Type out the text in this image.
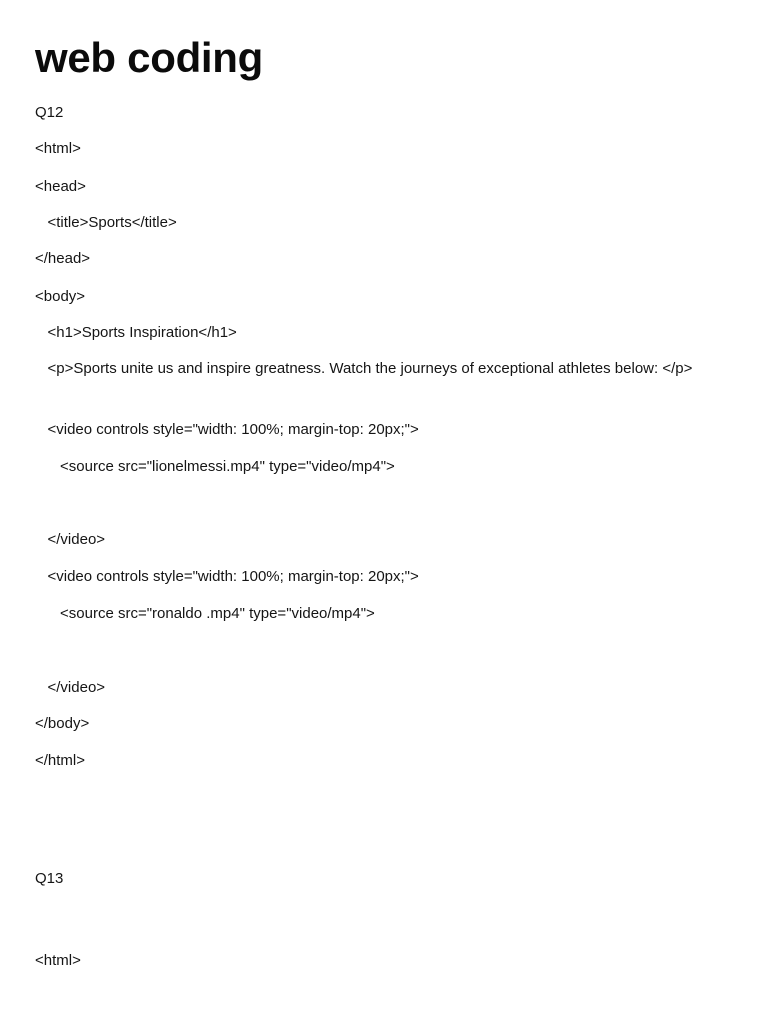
web coding
Q12
<html>
<head>
<title>Sports</title>
</head>
<body>
<h1>Sports Inspiration</h1>
<p>Sports unite us and inspire greatness. Watch the journeys of exceptional athletes below: </p>
<video controls style="width: 100%; margin-top: 20px;">
<source src="lionelmessi.mp4" type="video/mp4">
</video>
<video controls style="width: 100%; margin-top: 20px;">
<source src="ronaldo .mp4" type="video/mp4">
</video>
</body>
</html>
Q13
<html>
